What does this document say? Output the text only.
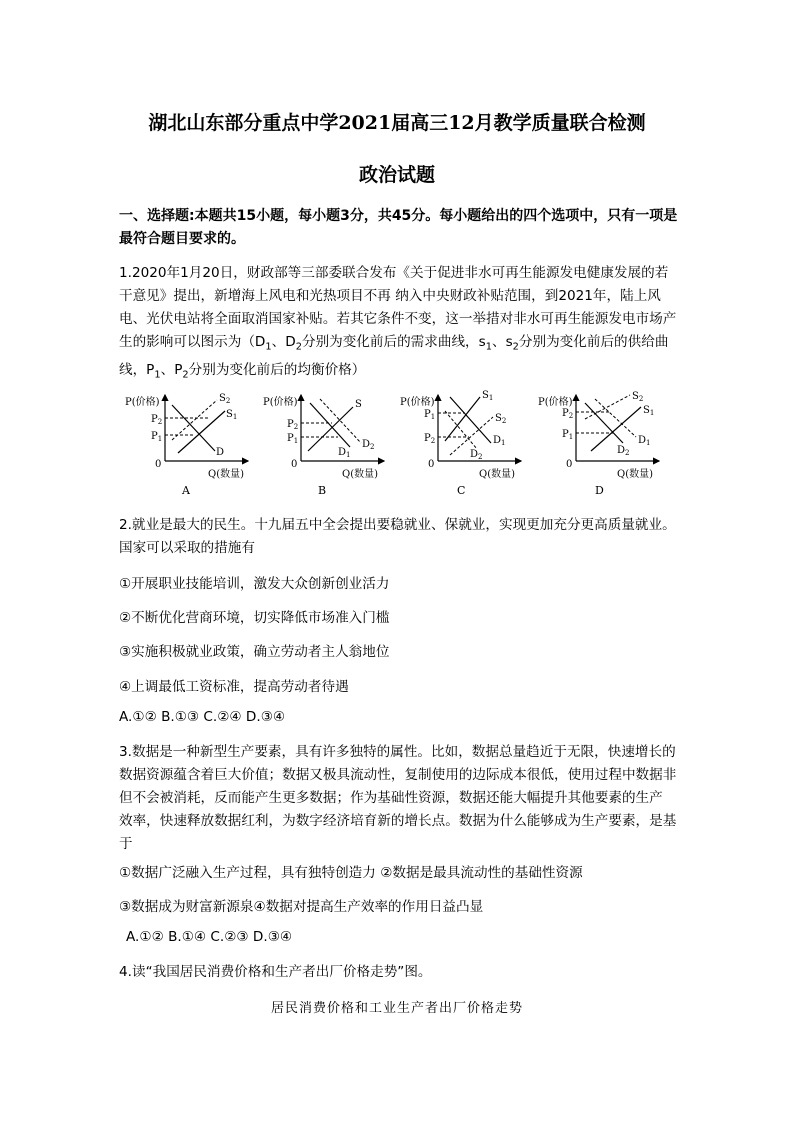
湖北山东部分重点中学2021届高三12月教学质量联合检测
政治试题
一、选择题:本题共15小题，每小题3分，共45分。每小题给出的四个选项中，只有一项是最符合题目要求的。
1.2020年1月20日，财政部等三部委联合发布《关于促进非水可再生能源发电健康发展的若干意见》提出，新增海上风电和光热项目不再 纳入中央财政补贴范围，到2021年，陆上风电、光伏电站将全面取消国家补贴。若其它条件不变，这一举措对非水可再生能源发电市场产 生的影响可以图示为（$D_1$、$D_2$分别为变化前后的需求曲线，$s_1$、$s_2$分别为变化前后的供给曲线，$P_1$、$P_2$分别为变化前后的均衡价格）
P(价格)
0
Q(数量)
$P_2$
$P_1$
$S_2$
$S_1$
D
A
P(价格)
0
Q(数量)
$P_2$
$P_1$
S
$D_1$
$D_2$
B
P(价格)
0
Q(数量)
$P_1$
$P_2$
$S_1$
$S_2$
$D_1$
$D_2$
C
P(价格)
0
Q(数量)
$P_2$
$P_1$
$S_2$
$S_1$
$D_1$
$D_2$
D
2.就业是最大的民生。十九届五中全会提出要稳就业、保就业，实现更加充分更高质量就业。 国家可以采取的措施有
①开展职业技能培训，激发大众创新创业活力
②不断优化营商环境，切实降低市场准入门槛
③实施积极就业政策，确立劳动者主人翁地位
④上调最低工资标准，提高劳动者待遇
A.①② B.①③ C.②④ D.③④
3.数据是一种新型生产要素，具有许多独特的属性。比如，数据总量趋近于无限，快速增长的数据资源蕴含着巨大价值；数据又极具流动性，复制使用的边际成本很低，使用过程中数据非但不会被消耗，反而能产生更多数据；作为基础性资源，数据还能大幅提升其他要素的生产 效率，快速释放数据红利，为数字经济培育新的增长点。数据为什么能够成为生产要素，是基于
①数据广泛融入生产过程，具有独特创造力 ②数据是最具流动性的基础性资源
③数据成为财富新源泉④数据对提高生产效率的作用日益凸显
A.①② B.①④ C.②③ D.③④
4.读“我国居民消费价格和生产者出厂价格走势”图。
居民消费价格和工业生产者出厂价格走势
